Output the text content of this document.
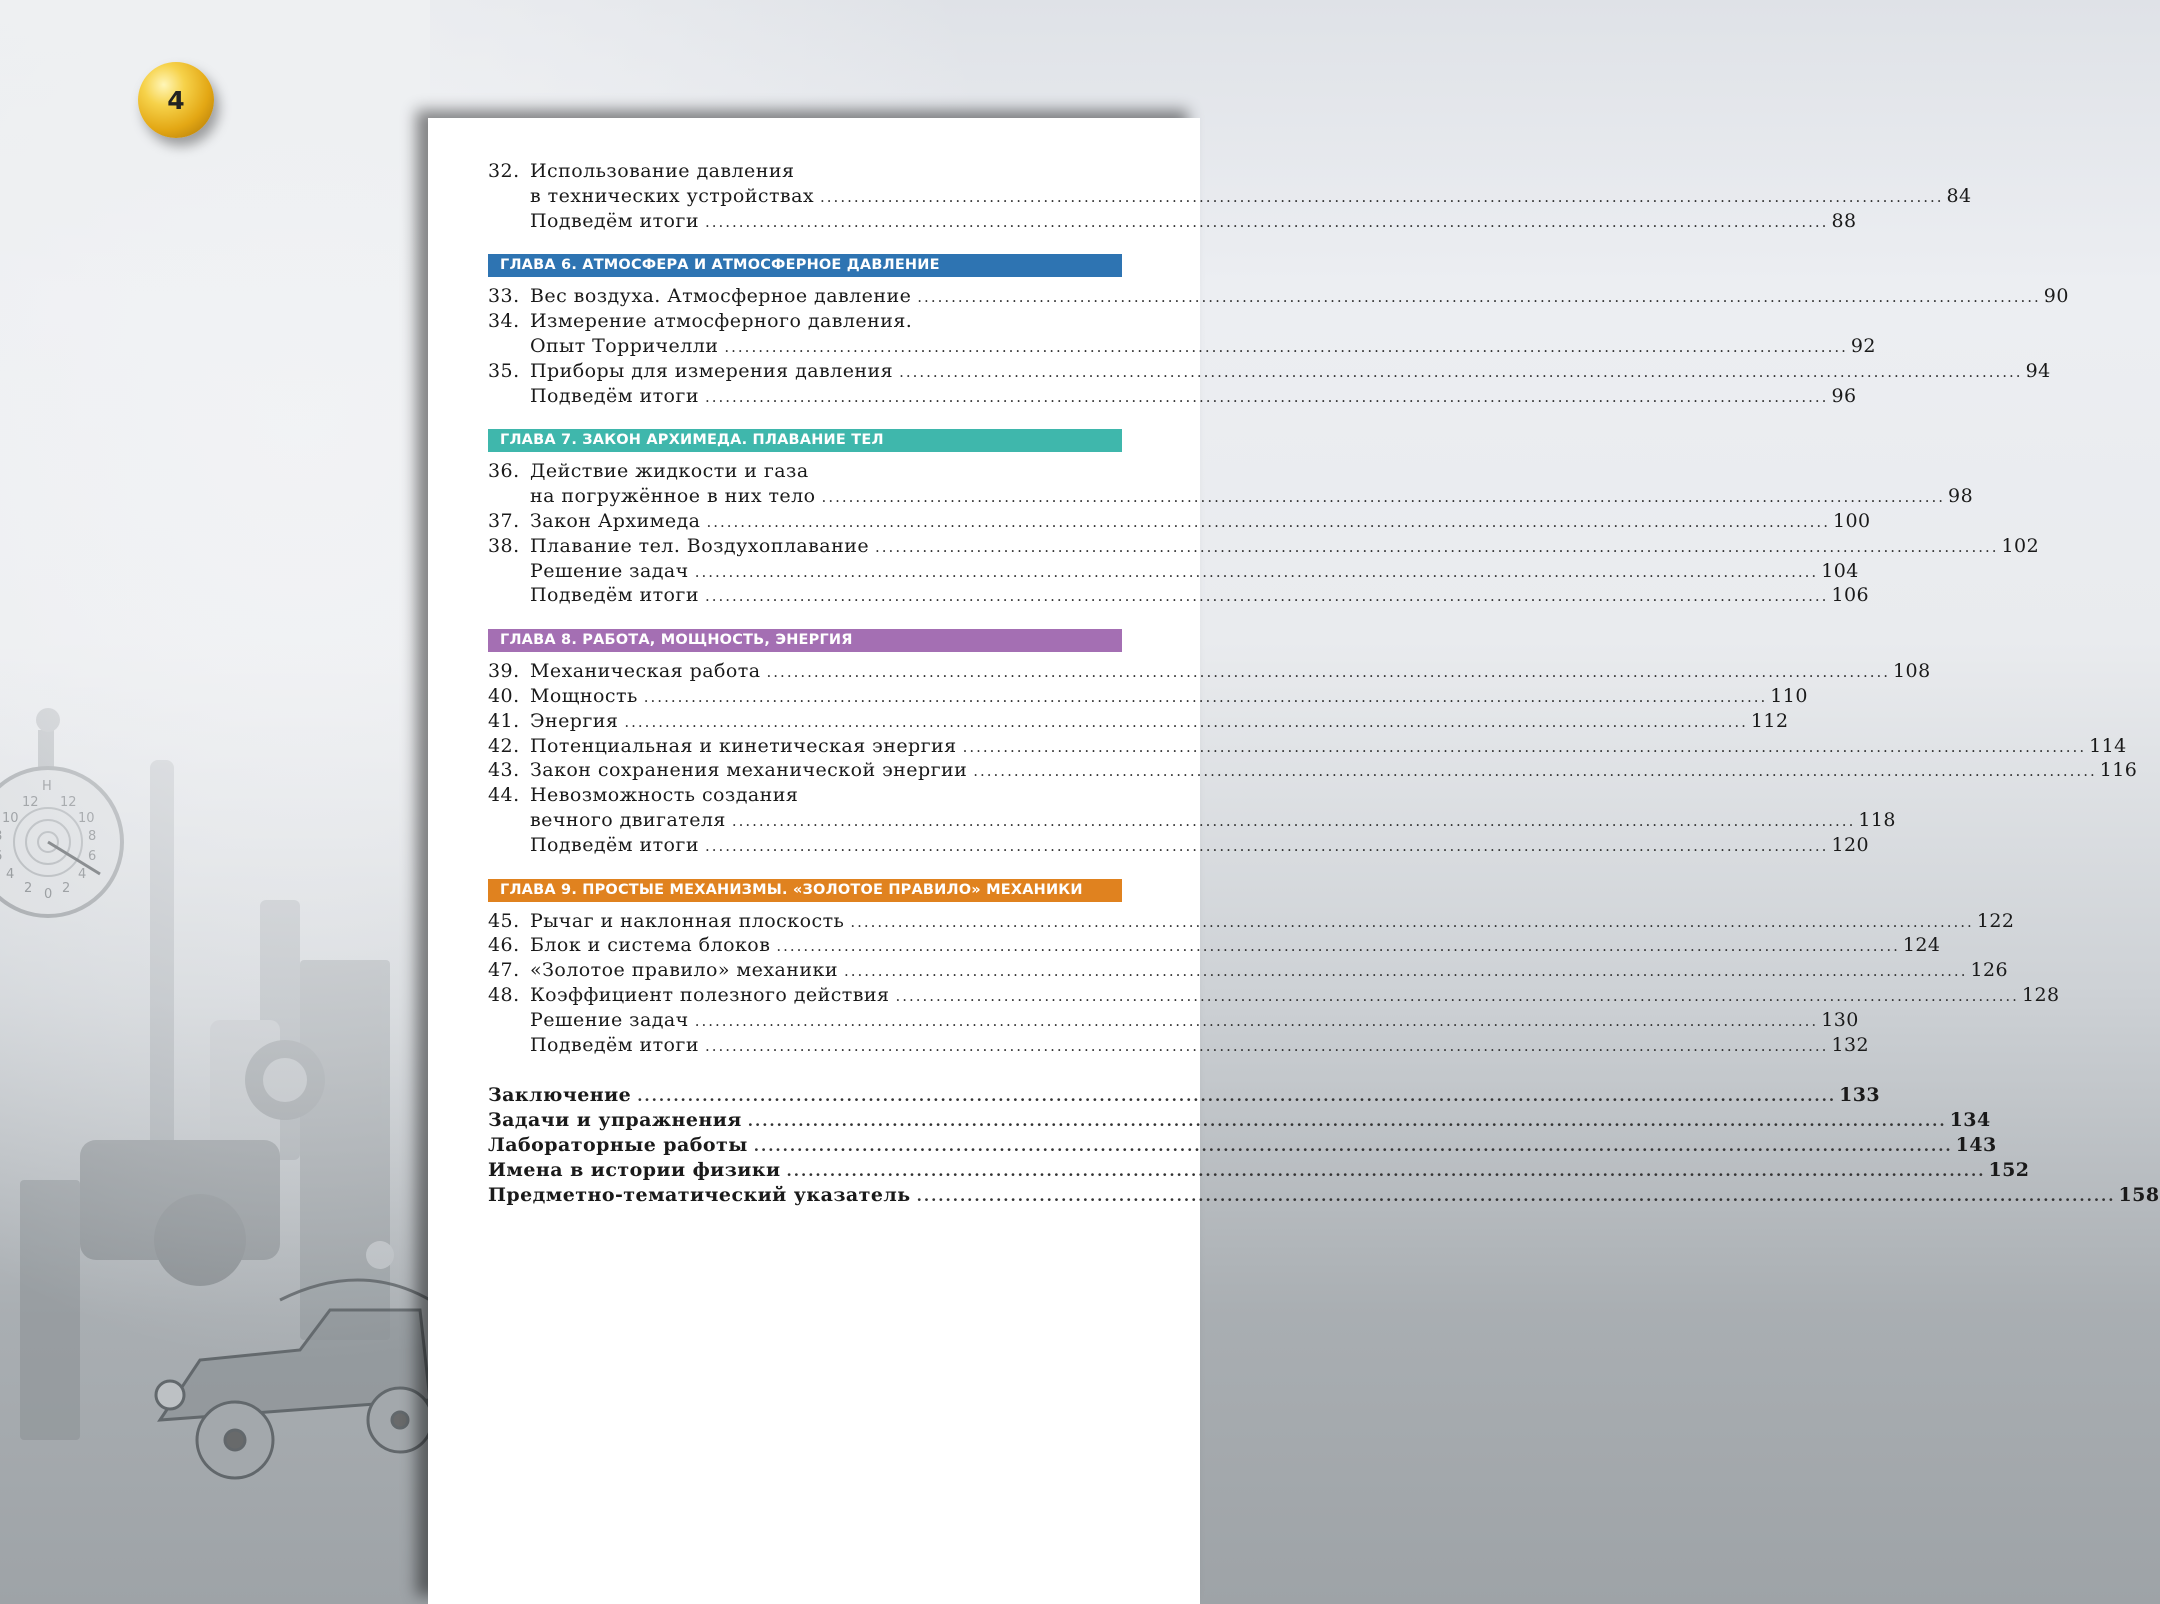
4
32. Использование давления
в технических устройствах .....	84
Подведём итоги .....	88
ГЛАВА 6. АТМОСФЕРА И АТМОСФЕРНОЕ ДАВЛЕНИЕ
33. Вес воздуха. Атмосферное давление .....	90
34. Измерение атмосферного давления.
Опыт Торричелли .....	92
35. Приборы для измерения давления .....	94
Подведём итоги .....	96
ГЛАВА 7. ЗАКОН АРХИМЕДА. ПЛАВАНИЕ ТЕЛ
36. Действие жидкости и газа
на погружённое в них тело .....	98
37. Закон Архимеда .....	100
38. Плавание тел. Воздухоплавание .....	102
Решение задач .....	104
Подведём итоги .....	106
ГЛАВА 8. РАБОТА, МОЩНОСТЬ, ЭНЕРГИЯ
39. Механическая работа .....	108
40. Мощность .....	110
41. Энергия .....	112
42. Потенциальная и кинетическая энергия .....	114
43. Закон сохранения механической энергии .....	116
44. Невозможность создания
вечного двигателя .....	118
Подведём итоги .....	120
ГЛАВА 9. ПРОСТЫЕ МЕХАНИЗМЫ. «ЗОЛОТОЕ ПРАВИЛО» МЕХАНИКИ
45. Рычаг и наклонная плоскость .....	122
46. Блок и система блоков .....	124
47. «Золотое правило» механики .....	126
48. Коэффициент полезного действия .....	128
Решение задач .....	130
Подведём итоги .....	132
Заключение .....	133
Задачи и упражнения .....	134
Лабораторные работы .....	143
Имена в истории физики .....	152
Предметно-тематический указатель .....	158
